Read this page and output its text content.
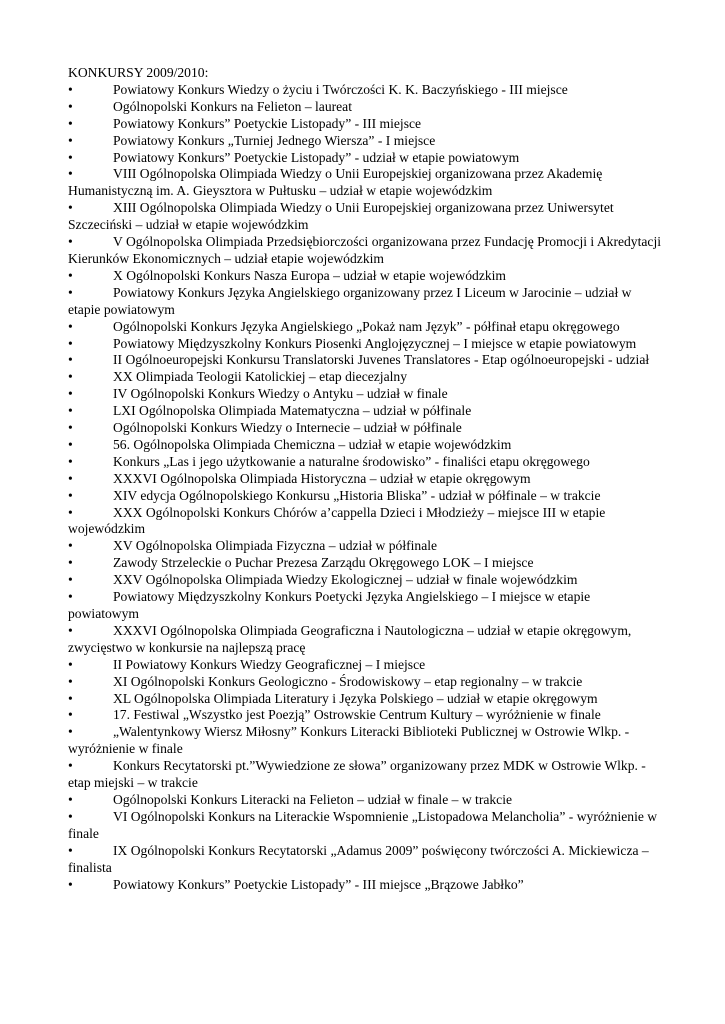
KONKURSY 2009/2010:

•	Powiatowy Konkurs Wiedzy o życiu i Twórczości K. K. Baczyńskiego - III miejsce
•	Ogólnopolski Konkurs na Felieton – laureat
•	Powiatowy Konkurs” Poetyckie Listopady” - III miejsce
•	Powiatowy Konkurs „Turniej Jednego Wiersza” - I miejsce
•	Powiatowy Konkurs” Poetyckie Listopady” - udział w etapie powiatowym
•	VIII Ogólnopolska Olimpiada Wiedzy o Unii Europejskiej organizowana przez Akademię Humanistyczną im. A. Gieysztora w Pułtusku – udział w etapie wojewódzkim
•	XIII Ogólnopolska Olimpiada Wiedzy o Unii Europejskiej organizowana przez Uniwersytet Szczeciński – udział w etapie wojewódzkim
•	V Ogólnopolska Olimpiada Przedsiębiorczości organizowana przez Fundację Promocji i Akredytacji Kierunków Ekonomicznych – udział etapie wojewódzkim
•	X Ogólnopolski Konkurs Nasza Europa – udział w etapie wojewódzkim
•	Powiatowy Konkurs Języka Angielskiego organizowany przez I Liceum w Jarocinie – udział w etapie powiatowym
•	Ogólnopolski Konkurs Języka Angielskiego „Pokaż nam Język” - półfinał etapu okręgowego
•	Powiatowy Międzyszkolny Konkurs Piosenki Anglojęzycznej – I miejsce w etapie powiatowym
•	II Ogólnoeuropejski Konkursu Translatorski Juvenes Translatores - Etap ogólnoeuropejski - udział
•	XX Olimpiada Teologii Katolickiej – etap diecezjalny
•	IV Ogólnopolski Konkurs Wiedzy o Antyku – udział w finale
•	LXI Ogólnopolska Olimpiada Matematyczna – udział w półfinale
•	Ogólnopolski Konkurs Wiedzy o Internecie – udział w półfinale
•	56. Ogólnopolska Olimpiada Chemiczna – udział w etapie wojewódzkim
•	Konkurs „Las i jego użytkowanie a naturalne środowisko” - finaliści etapu okręgowego
•	XXXVI Ogólnopolska Olimpiada Historyczna – udział w etapie okręgowym
•	XIV edycja Ogólnopolskiego Konkursu „Historia Bliska” - udział w półfinale – w trakcie
•	XXX Ogólnopolski Konkurs Chórów a’cappella Dzieci i Młodzieży – miejsce III w etapie wojewódzkim
•	XV Ogólnopolska Olimpiada Fizyczna – udział w półfinale
•	Zawody Strzeleckie o Puchar Prezesa Zarządu Okręgowego LOK – I miejsce
•	XXV Ogólnopolska Olimpiada Wiedzy Ekologicznej – udział w finale wojewódzkim
•	Powiatowy Międzyszkolny Konkurs Poetycki Języka Angielskiego – I miejsce w etapie powiatowym
•	XXXVI Ogólnopolska Olimpiada Geograficzna i Nautologiczna – udział w etapie okręgowym, zwycięstwo w konkursie na najlepszą pracę
•	II Powiatowy Konkurs Wiedzy Geograficznej – I miejsce
•	XI Ogólnopolski Konkurs Geologiczno - Środowiskowy – etap regionalny – w trakcie
•	XL Ogólnopolska Olimpiada Literatury i Języka Polskiego – udział w etapie okręgowym
•	17. Festiwal „Wszystko jest Poezją” Ostrowskie Centrum Kultury – wyróżnienie w finale
•	„Walentynkowy Wiersz Miłosny” Konkurs Literacki Biblioteki Publicznej w Ostrowie Wlkp. - wyróżnienie w finale
•	Konkurs Recytatorski pt.”Wywiedzione ze słowa” organizowany przez MDK w Ostrowie Wlkp. - etap miejski – w trakcie
•	Ogólnopolski Konkurs Literacki na Felieton – udział w finale – w trakcie
•	VI Ogólnopolski Konkurs na Literackie Wspomnienie „Listopadowa Melancholia” - wyróżnienie w finale
•	IX Ogólnopolski Konkurs Recytatorski „Adamus 2009” poświęcony twórczości A. Mickiewicza – finalista
•	Powiatowy Konkurs” Poetyckie Listopady” - III miejsce „Brązowe Jabłko”
